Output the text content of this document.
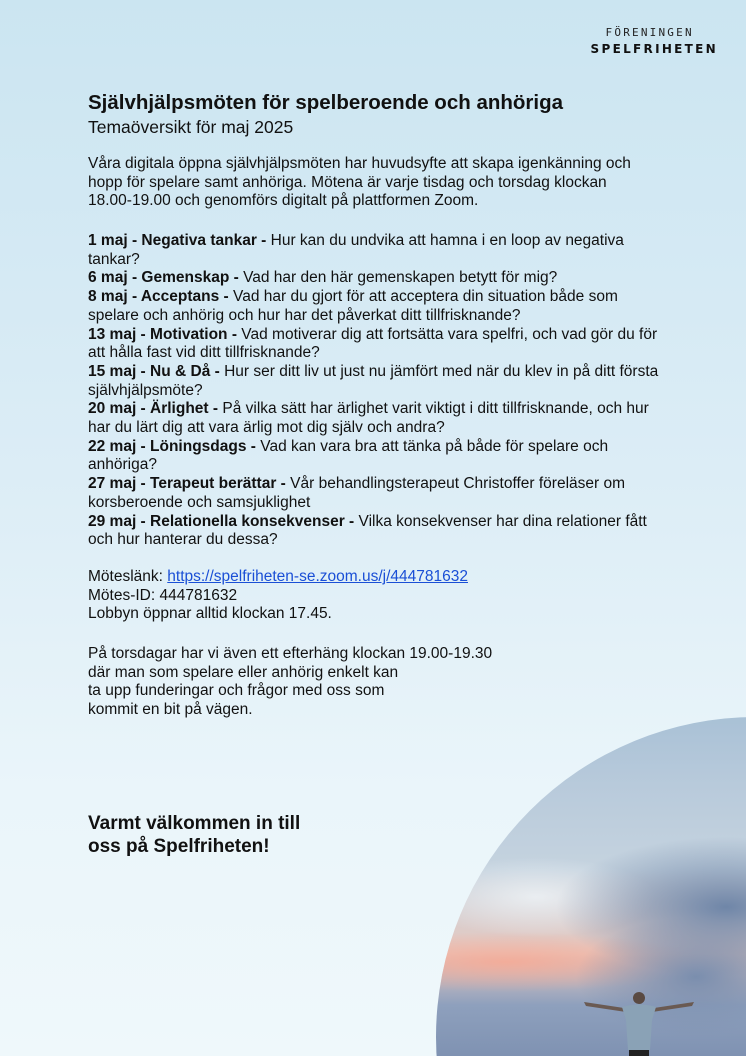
FÖRENINGEN
SPELFRIHETEN
Självhjälpsmöten för spelberoende och anhöriga
Temaöversikt för maj 2025
Våra digitala öppna självhjälpsmöten har huvudsyfte att skapa igenkänning och hopp för spelare samt anhöriga. Mötena är varje tisdag och torsdag klockan 18.00-19.00 och genomförs digitalt på plattformen Zoom.
1 maj - Negativa tankar - Hur kan du undvika att hamna i en loop av negativa tankar?
6 maj - Gemenskap - Vad har den här gemenskapen betytt för mig?
8 maj - Acceptans - Vad har du gjort för att acceptera din situation både som spelare och anhörig och hur har det påverkat ditt tillfrisknande?
13 maj - Motivation - Vad motiverar dig att fortsätta vara spelfri, och vad gör du för att hålla fast vid ditt tillfrisknande?
15 maj - Nu & Då - Hur ser ditt liv ut just nu jämfört med när du klev in på ditt första självhjälpsmöte?
20 maj - Ärlighet - På vilka sätt har ärlighet varit viktigt i ditt tillfrisknande, och hur har du lärt dig att vara ärlig mot dig själv och andra?
22 maj - Löningsdags - Vad kan vara bra att tänka på både för spelare och anhöriga?
27 maj - Terapeut berättar - Vår behandlingsterapeut Christoffer föreläser om korsberoende och samsjuklighet
29 maj - Relationella konsekvenser - Vilka konsekvenser har dina relationer fått och hur hanterar du dessa?
Möteslänk: https://spelfriheten-se.zoom.us/j/444781632
Mötes-ID: 444781632
Lobbyn öppnar alltid klockan 17.45.
På torsdagar har vi även ett efterhäng klockan 19.00-19.30
där man som spelare eller anhörig enkelt kan
ta upp funderingar och frågor med oss som
kommit en bit på vägen.
Varmt välkommen in till
oss på Spelfriheten!
